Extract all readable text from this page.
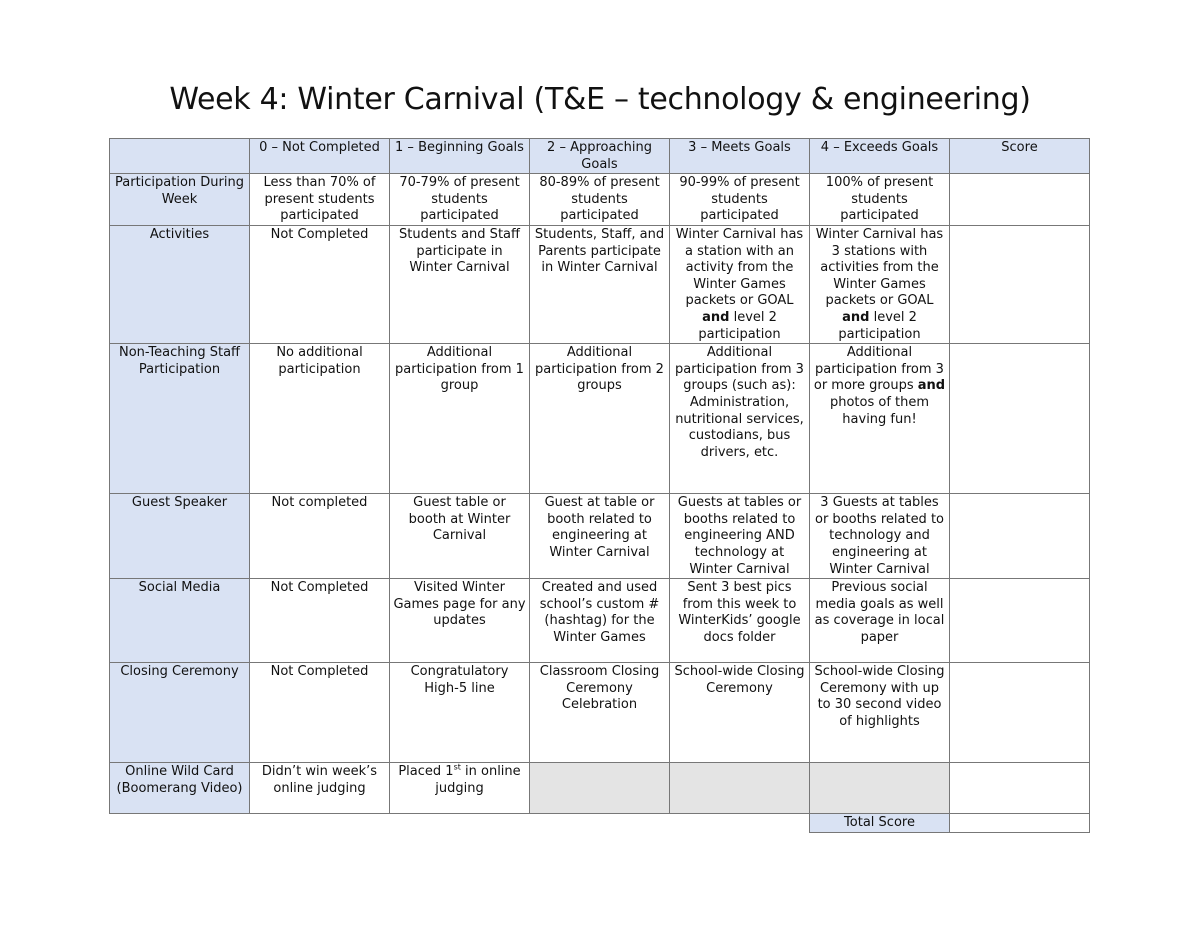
Week 4: Winter Carnival (T&E – technology & engineering)
	0 – Not Completed	1 – Beginning Goals	2 – Approaching Goals	3 – Meets Goals	4 – Exceeds Goals	Score
Participation During Week	Less than 70% of present students participated	70-79% of present students participated	80-89% of present students participated	90-99% of present students participated	100% of present students participated	
Activities	Not Completed	Students and Staff participate in Winter Carnival	Students, Staff, and Parents participate in Winter Carnival	Winter Carnival has a station with an activity from the Winter Games packets or GOAL and level 2 participation	Winter Carnival has 3 stations with activities from the Winter Games packets or GOAL and level 2 participation	
Non-Teaching Staff Participation	No additional participation	Additional participation from 1 group	Additional participation from 2 groups	Additional participation from 3 groups (such as): Administration, nutritional services, custodians, bus drivers, etc.	Additional participation from 3 or more groups and photos of them having fun!	
Guest Speaker	Not completed	Guest table or booth at Winter Carnival	Guest at table or booth related to engineering at Winter Carnival	Guests at tables or booths related to engineering AND technology at Winter Carnival	3 Guests at tables or booths related to technology and engineering at Winter Carnival	
Social Media	Not Completed	Visited Winter Games page for any updates	Created and used school’s custom # (hashtag) for the Winter Games	Sent 3 best pics from this week to WinterKids’ google docs folder	Previous social media goals as well as coverage in local paper	
Closing Ceremony	Not Completed	Congratulatory High-5 line	Classroom Closing Ceremony Celebration	School-wide Closing Ceremony	School-wide Closing Ceremony with up to 30 second video of highlights	
Online Wild Card (Boomerang Video)	Didn’t win week’s online judging	Placed 1st in online judging				
					Total Score	
